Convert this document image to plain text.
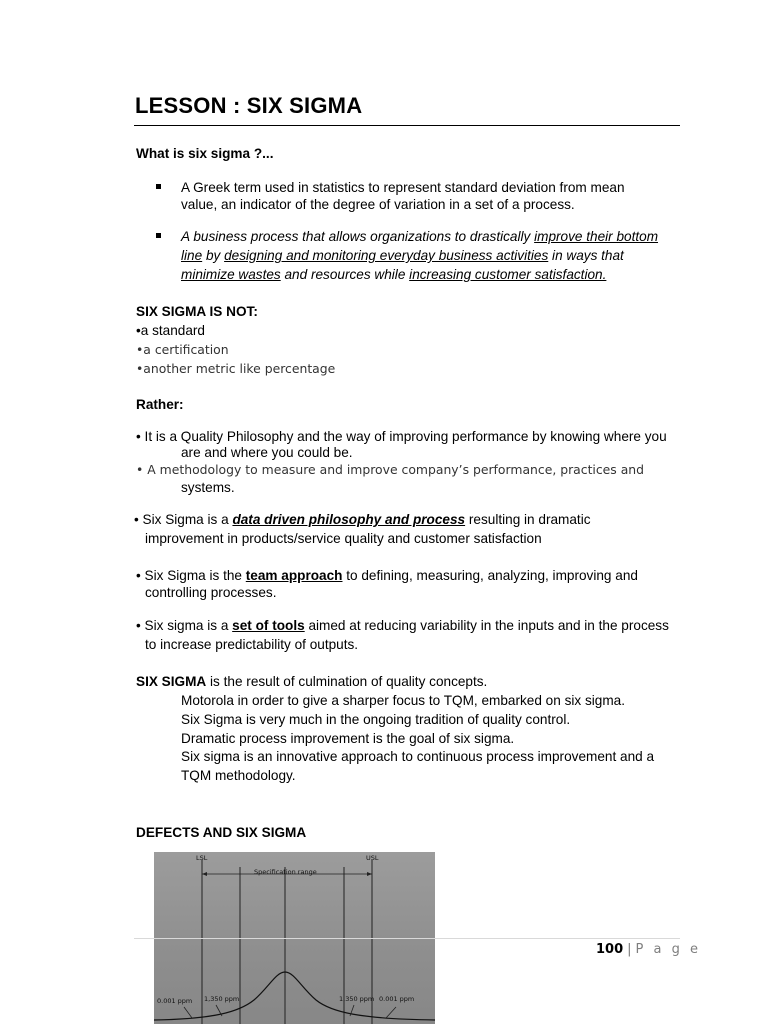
LESSON : SIX SIGMA
What is six sigma ?...
A Greek term used in statistics to represent standard deviation from mean
value, an indicator of the degree of variation in a set of a process.
A business process that allows organizations to drastically improve their bottom
line by designing and monitoring everyday business activities in ways that
minimize wastes and resources while increasing customer satisfaction.
SIX SIGMA IS NOT:
•a standard
•a certification
•another metric like percentage
Rather:
• It is a Quality Philosophy and the way of improving performance by knowing where you
are and where you could be.
• A methodology to measure and improve company’s performance, practices and
systems.
• Six Sigma is a data driven philosophy and process resulting in dramatic
improvement in products/service quality and customer satisfaction
• Six Sigma is the team approach to defining, measuring, analyzing, improving and
controlling processes.
• Six sigma is a set of tools aimed at reducing variability in the inputs and in the process
to increase predictability of outputs.
SIX SIGMA is the result of culmination of quality concepts.
Motorola in order to give a sharper focus to TQM, embarked on six sigma.
Six Sigma is very much in the ongoing tradition of quality control.
Dramatic process improvement is the goal of six sigma.
Six sigma is an innovative approach to continuous process improvement and a
TQM methodology.
DEFECTS AND SIX SIGMA
LSL	USL
Specification range
0.001 ppm 1,350 ppm	1,350 ppm 0.001 ppm
100 | P a g e
